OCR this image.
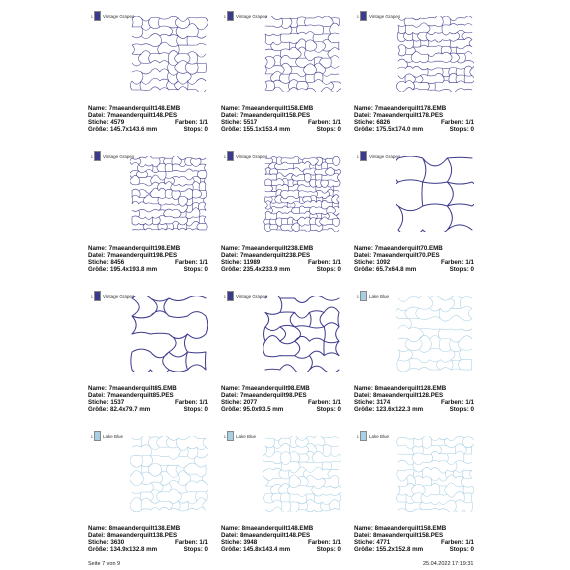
1 Vintage Grapes
Name: 7maeanderquilt148.EMB
Datei: 7maeanderquilt148.PES
Stiche: 4579	Farben: 1/1
Größe: 145.7x143.6 mm	Stops: 0
1 Vintage Grapes
Name: 7maeanderquilt158.EMB
Datei: 7maeanderquilt158.PES
Stiche: 5517	Farben: 1/1
Größe: 155.1x153.4 mm	Stops: 0
1 Vintage Grapes
Name: 7maeanderquilt178.EMB
Datei: 7maeanderquilt178.PES
Stiche: 6826	Farben: 1/1
Größe: 175.5x174.0 mm	Stops: 0
1 Vintage Grapes
Name: 7maeanderquilt198.EMB
Datei: 7maeanderquilt198.PES
Stiche: 8456	Farben: 1/1
Größe: 195.4x193.8 mm	Stops: 0
1 Vintage Grapes
Name: 7maeanderquilt238.EMB
Datei: 7maeanderquilt238.PES
Stiche: 11989	Farben: 1/1
Größe: 235.4x233.9 mm	Stops: 0
1 Vintage Grapes
Name: 7maeanderquilt70.EMB
Datei: 7maeanderquilt70.PES
Stiche: 1092	Farben: 1/1
Größe: 65.7x64.8 mm	Stops: 0
1 Vintage Grapes
Name: 7maeanderquilt85.EMB
Datei: 7maeanderquilt85.PES
Stiche: 1537	Farben: 1/1
Größe: 82.4x79.7 mm	Stops: 0
1 Vintage Grapes
Name: 7maeanderquilt98.EMB
Datei: 7maeanderquilt98.PES
Stiche: 2077	Farben: 1/1
Größe: 95.0x93.5 mm	Stops: 0
1 Lake Blue
Name: 8maeanderquilt128.EMB
Datei: 8maeanderquilt128.PES
Stiche: 3174	Farben: 1/1
Größe: 123.6x122.3 mm	Stops: 0
1 Lake Blue
Name: 8maeanderquilt138.EMB
Datei: 8maeanderquilt138.PES
Stiche: 3630	Farben: 1/1
Größe: 134.9x132.8 mm	Stops: 0
1 Lake Blue
Name: 8maeanderquilt148.EMB
Datei: 8maeanderquilt148.PES
Stiche: 3948	Farben: 1/1
Größe: 145.8x143.4 mm	Stops: 0
1 Lake Blue
Name: 8maeanderquilt158.EMB
Datei: 8maeanderquilt158.PES
Stiche: 4771	Farben: 1/1
Größe: 155.2x152.8 mm	Stops: 0
Seite 7 von 9	25.04.2022 17:19:31
